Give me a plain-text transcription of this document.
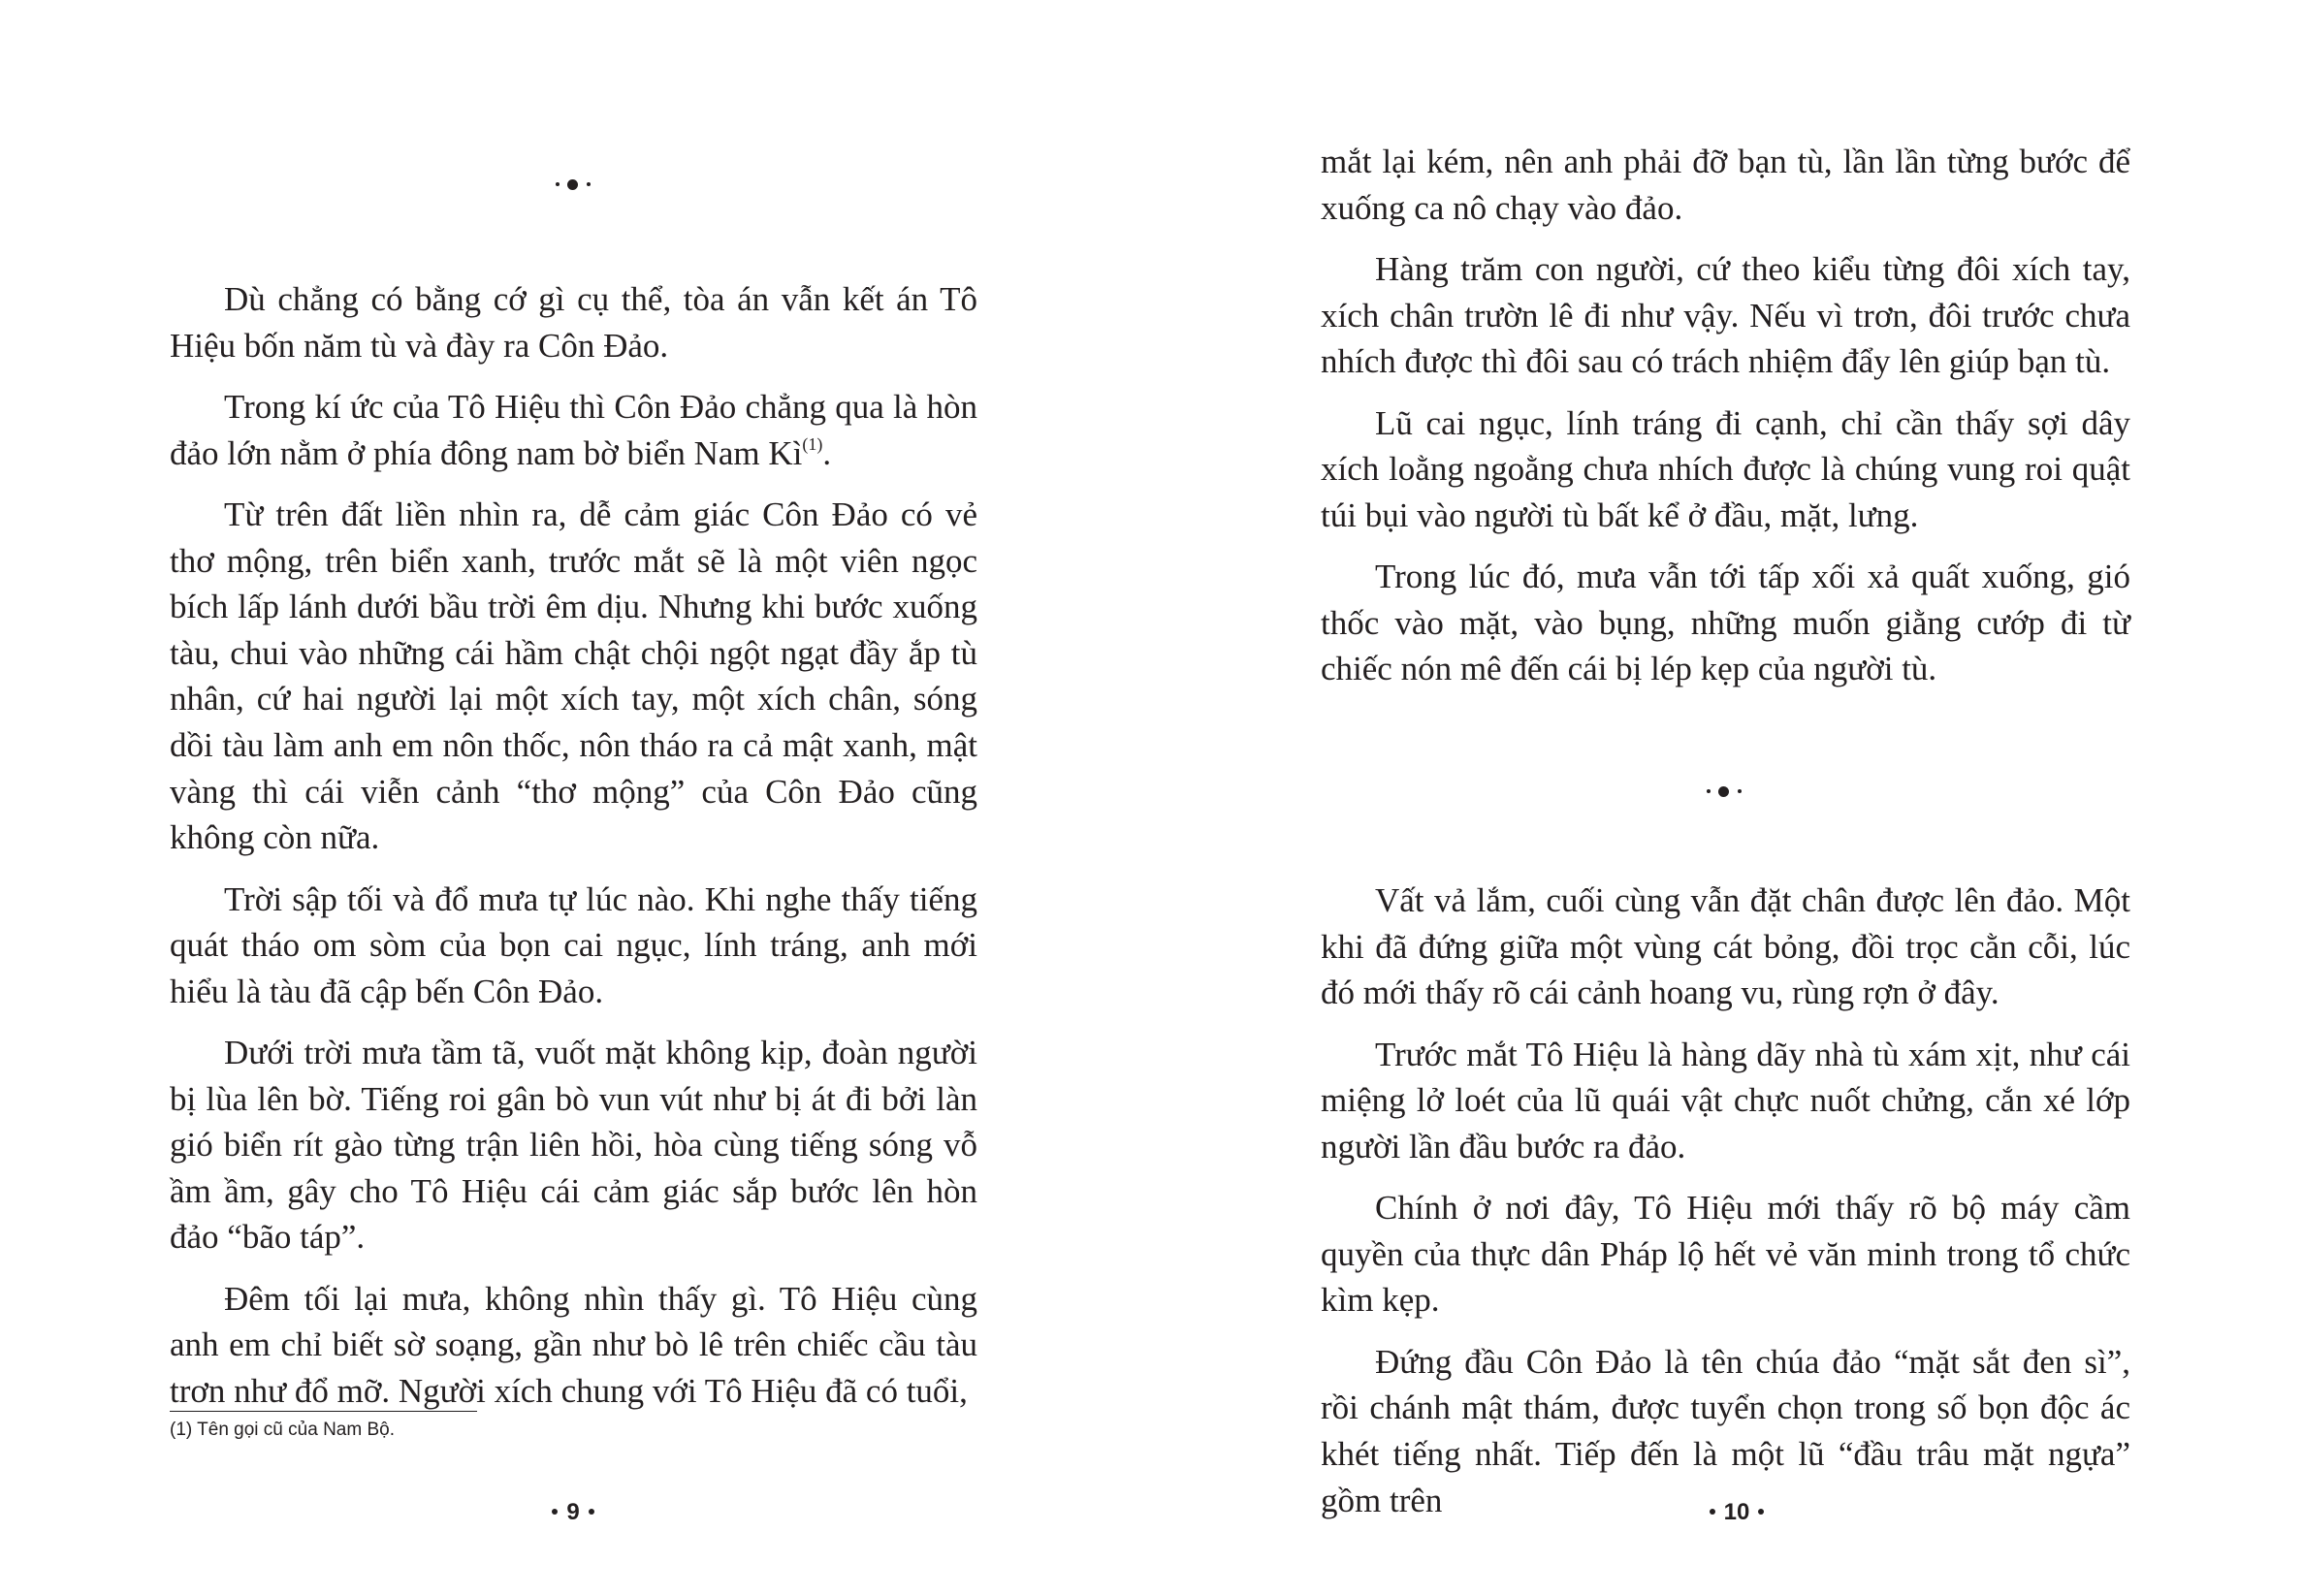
Dù chẳng có bằng cớ gì cụ thể, tòa án vẫn kết án Tô Hiệu bốn năm tù và đày ra Côn Đảo.

Trong kí ức của Tô Hiệu thì Côn Đảo chẳng qua là hòn đảo lớn nằm ở phía đông nam bờ biển Nam Kì$^{(1)}$.

Từ trên đất liền nhìn ra, dễ cảm giác Côn Đảo có vẻ thơ mộng, trên biển xanh, trước mắt sẽ là một viên ngọc bích lấp lánh dưới bầu trời êm dịu. Nhưng khi bước xuống tàu, chui vào những cái hầm chật chội ngột ngạt đầy ắp tù nhân, cứ hai người lại một xích tay, một xích chân, sóng dồi tàu làm anh em nôn thốc, nôn tháo ra cả mật xanh, mật vàng thì cái viễn cảnh “thơ mộng” của Côn Đảo cũng không còn nữa.

Trời sập tối và đổ mưa tự lúc nào. Khi nghe thấy tiếng quát tháo om sòm của bọn cai ngục, lính tráng, anh mới hiểu là tàu đã cập bến Côn Đảo.

Dưới trời mưa tầm tã, vuốt mặt không kịp, đoàn người bị lùa lên bờ. Tiếng roi gân bò vun vút như bị át đi bởi làn gió biển rít gào từng trận liên hồi, hòa cùng tiếng sóng vỗ ầm ầm, gây cho Tô Hiệu cái cảm giác sắp bước lên hòn đảo “bão táp”.

Đêm tối lại mưa, không nhìn thấy gì. Tô Hiệu cùng anh em chỉ biết sờ soạng, gần như bò lê trên chiếc cầu tàu trơn như đổ mỡ. Người xích chung với Tô Hiệu đã có tuổi,

(1) Tên gọi cũ của Nam Bộ.
9

mắt lại kém, nên anh phải đỡ bạn tù, lần lần từng bước để xuống ca nô chạy vào đảo.

Hàng trăm con người, cứ theo kiểu từng đôi xích tay, xích chân trườn lê đi như vậy. Nếu vì trơn, đôi trước chưa nhích được thì đôi sau có trách nhiệm đẩy lên giúp bạn tù.

Lũ cai ngục, lính tráng đi cạnh, chỉ cần thấy sợi dây xích loằng ngoằng chưa nhích được là chúng vung roi quật túi bụi vào người tù bất kể ở đầu, mặt, lưng.

Trong lúc đó, mưa vẫn tới tấp xối xả quất xuống, gió thốc vào mặt, vào bụng, những muốn giằng cướp đi từ chiếc nón mê đến cái bị lép kẹp của người tù.

Vất vả lắm, cuối cùng vẫn đặt chân được lên đảo. Một khi đã đứng giữa một vùng cát bỏng, đồi trọc cằn cỗi, lúc đó mới thấy rõ cái cảnh hoang vu, rùng rợn ở đây.

Trước mắt Tô Hiệu là hàng dãy nhà tù xám xịt, như cái miệng lở loét của lũ quái vật chực nuốt chửng, cắn xé lớp người lần đầu bước ra đảo.

Chính ở nơi đây, Tô Hiệu mới thấy rõ bộ máy cầm quyền của thực dân Pháp lộ hết vẻ văn minh trong tổ chức kìm kẹp.

Đứng đầu Côn Đảo là tên chúa đảo “mặt sắt đen sì”, rồi chánh mật thám, được tuyển chọn trong số bọn độc ác khét tiếng nhất. Tiếp đến là một lũ “đầu trâu mặt ngựa” gồm trên	10
